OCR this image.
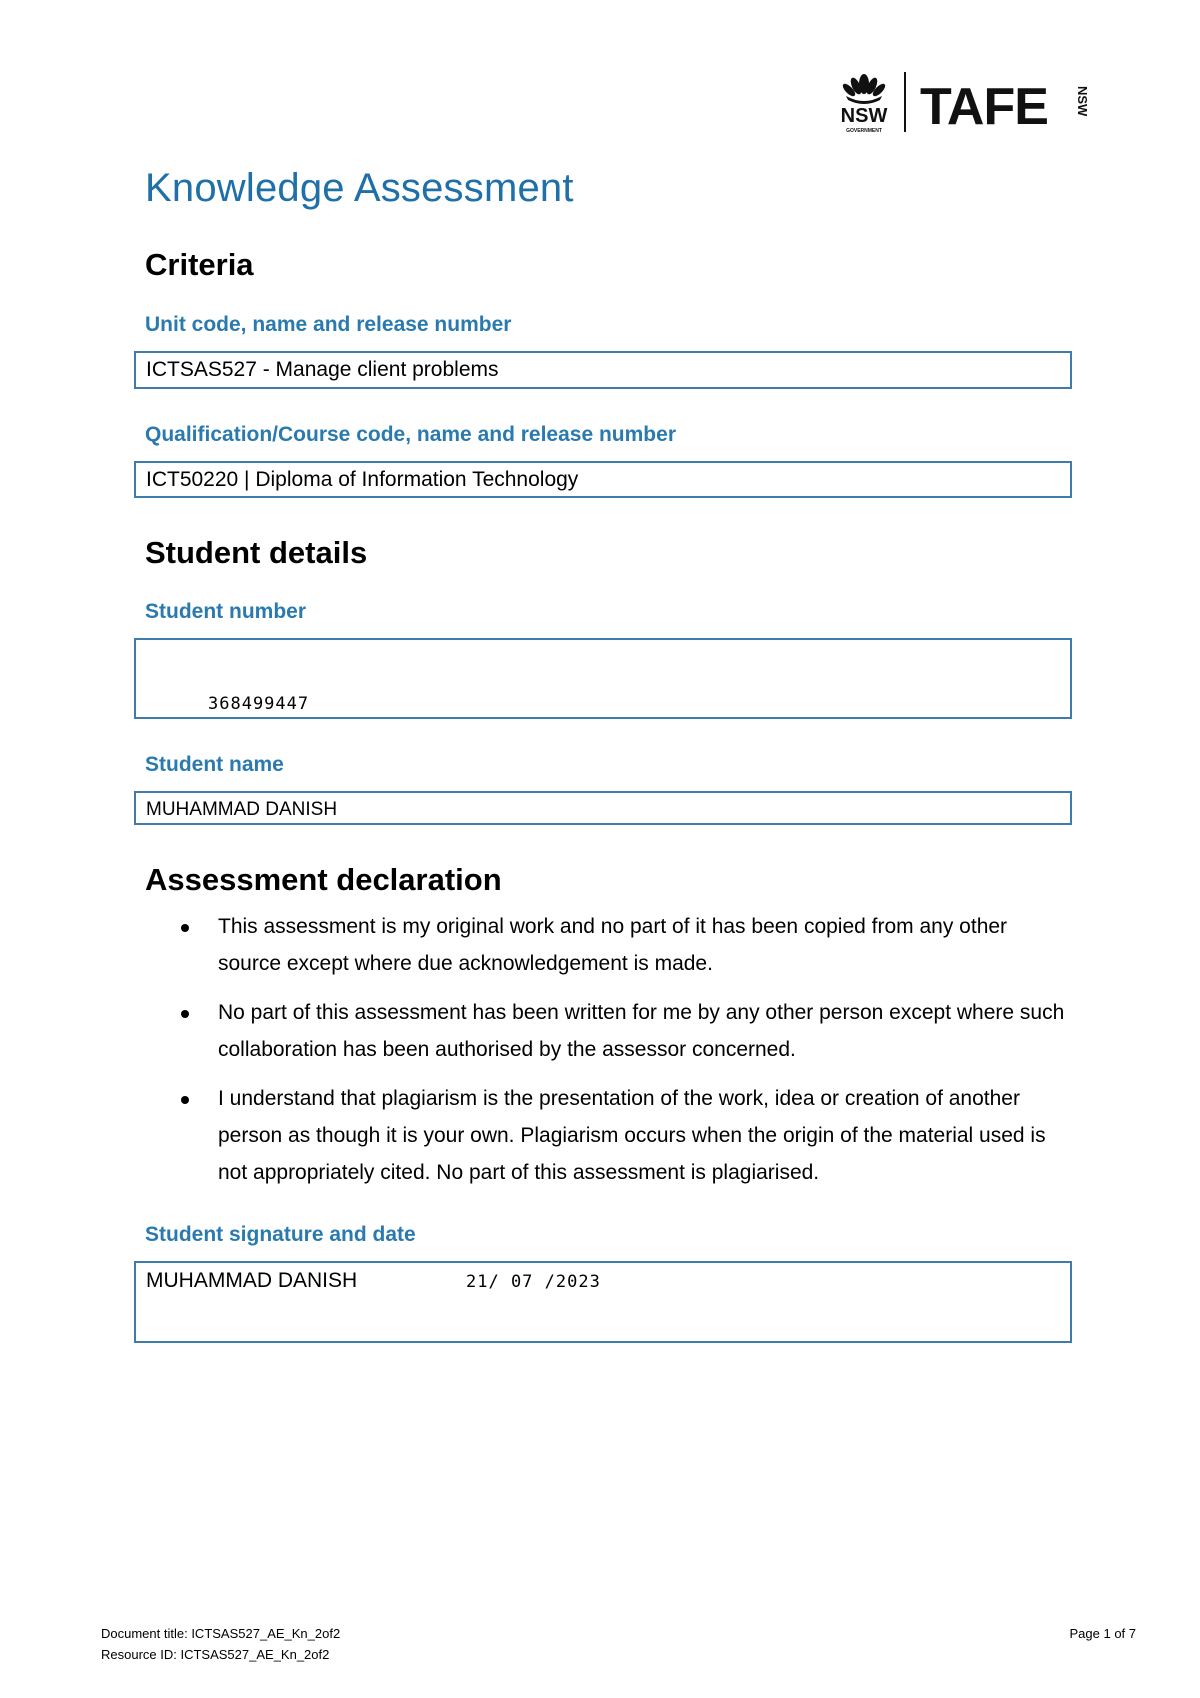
NSW
GOVERNMENT TAFE NSW
Knowledge Assessment
Criteria
Unit code, name and release number
ICTSAS527 - Manage client problems
Qualification/Course code, name and release number
ICT50220 | Diploma of Information Technology
Student details
Student number
368499447
Student name
MUHAMMAD DANISH
Assessment declaration
This assessment is my original work and no part of it has been copied from any other source except where due acknowledgement is made.
No part of this assessment has been written for me by any other person except where such collaboration has been authorised by the assessor concerned.
I understand that plagiarism is the presentation of the work, idea or creation of another person as though it is your own. Plagiarism occurs when the origin of the material used is not appropriately cited. No part of this assessment is plagiarised.
Student signature and date
MUHAMMAD DANISH	21/ 07 /2023
Document title: ICTSAS527_AE_Kn_2of2
Resource ID: ICTSAS527_AE_Kn_2of2
Page 1 of 7
